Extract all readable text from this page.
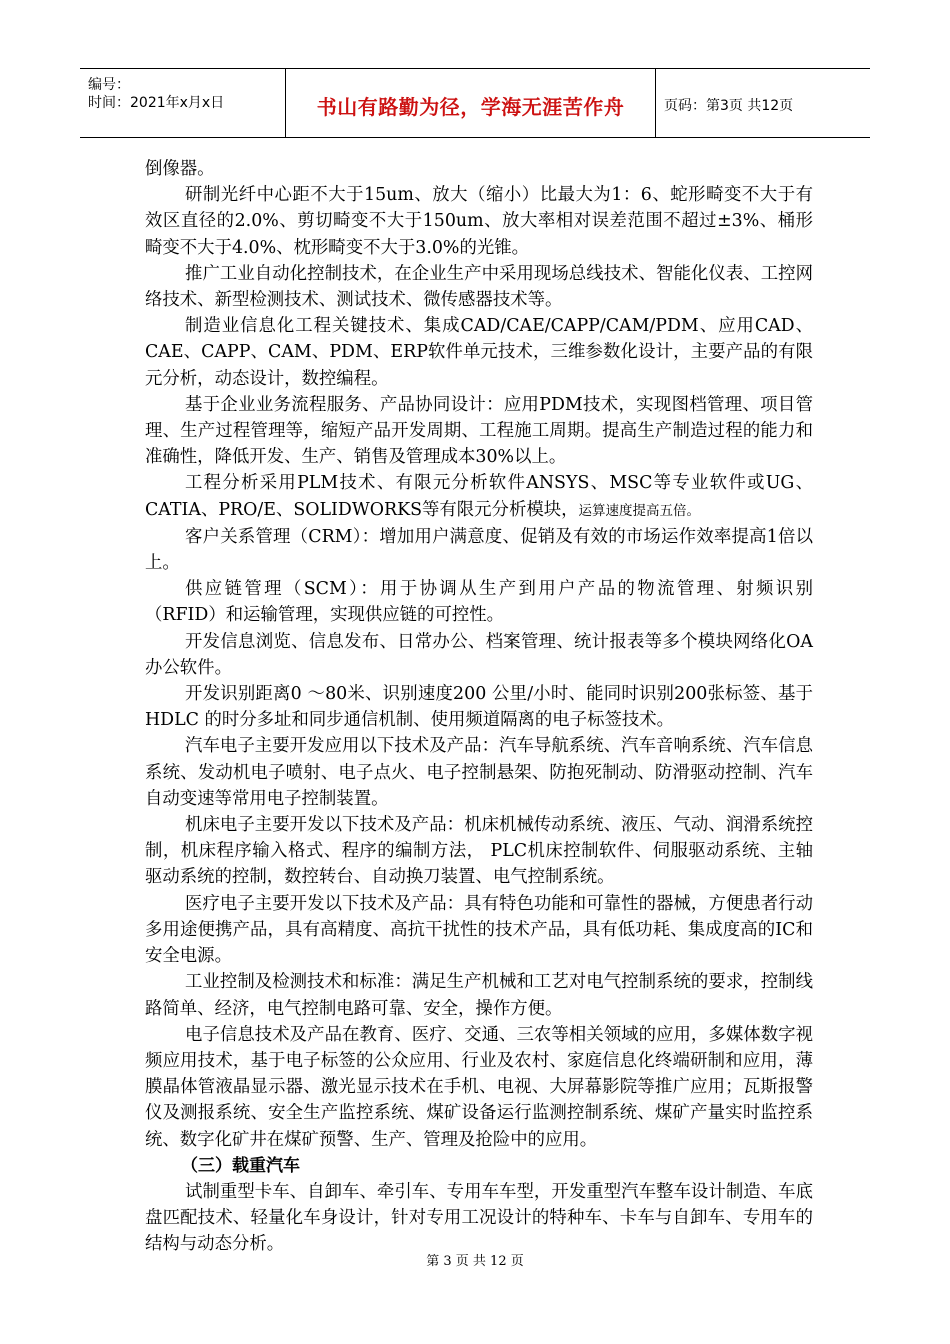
编号：
时间：2021年x月x日	书山有路勤为径，学海无涯苦作舟	页码：第3页 共12页

倒像器。

研制光纤中心距不大于15um、放大（缩小）比最大为1：6、蛇形畸变不大于有效区直径的2.0%、剪切畸变不大于150um、放大率相对误差范围不超过±3%、桶形畸变不大于4.0%、枕形畸变不大于3.0%的光锥。

推广工业自动化控制技术，在企业生产中采用现场总线技术、智能化仪表、工控网络技术、新型检测技术、测试技术、微传感器技术等。

制造业信息化工程关键技术、集成CAD/CAE/CAPP/CAM/PDM、应用CAD、CAE、CAPP、CAM、PDM、ERP软件单元技术，三维参数化设计，主要产品的有限元分析，动态设计，数控编程。

基于企业业务流程服务、产品协同设计：应用PDM技术，实现图档管理、项目管理、生产过程管理等，缩短产品开发周期、工程施工周期。提高生产制造过程的能力和准确性，降低开发、生产、销售及管理成本30%以上。

工程分析采用PLM技术、有限元分析软件ANSYS、MSC等专业软件或UG、CATIA、PRO/E、SOLIDWORKS等有限元分析模块，运算速度提高五倍。

客户关系管理（CRM）：增加用户满意度、促销及有效的市场运作效率提高1倍以上。

供应链管理（SCM）：用于协调从生产到用户产品的物流管理、射频识别（RFID）和运输管理，实现供应链的可控性。

开发信息浏览、信息发布、日常办公、档案管理、统计报表等多个模块网络化OA办公软件。

开发识别距离0 ～80米、识别速度200 公里/小时、能同时识别200张标签、基于 HDLC 的时分多址和同步通信机制、使用频道隔离的电子标签技术。

汽车电子主要开发应用以下技术及产品：汽车导航系统、汽车音响系统、汽车信息系统、发动机电子喷射、电子点火、电子控制悬架、防抱死制动、防滑驱动控制、汽车自动变速等常用电子控制装置。

机床电子主要开发以下技术及产品：机床机械传动系统、液压、气动、润滑系统控制，机床程序输入格式、程序的编制方法， PLC机床控制软件、伺服驱动系统、主轴驱动系统的控制，数控转台、自动换刀装置、电气控制系统。

医疗电子主要开发以下技术及产品：具有特色功能和可靠性的器械，方便患者行动多用途便携产品，具有高精度、高抗干扰性的技术产品，具有低功耗、集成度高的IC和安全电源。

工业控制及检测技术和标准：满足生产机械和工艺对电气控制系统的要求，控制线路简单、经济，电气控制电路可靠、安全，操作方便。

电子信息技术及产品在教育、医疗、交通、三农等相关领域的应用，多媒体数字视频应用技术，基于电子标签的公众应用、行业及农村、家庭信息化终端研制和应用，薄膜晶体管液晶显示器、激光显示技术在手机、电视、大屏幕影院等推广应用；瓦斯报警仪及测报系统、安全生产监控系统、煤矿设备运行监测控制系统、煤矿产量实时监控系统、数字化矿井在煤矿预警、生产、管理及抢险中的应用。

（三）载重汽车

试制重型卡车、自卸车、牵引车、专用车车型，开发重型汽车整车设计制造、车底盘匹配技术、轻量化车身设计，针对专用工况设计的特种车、卡车与自卸车、专用车的结构与动态分析。

第 3 页 共 12 页
